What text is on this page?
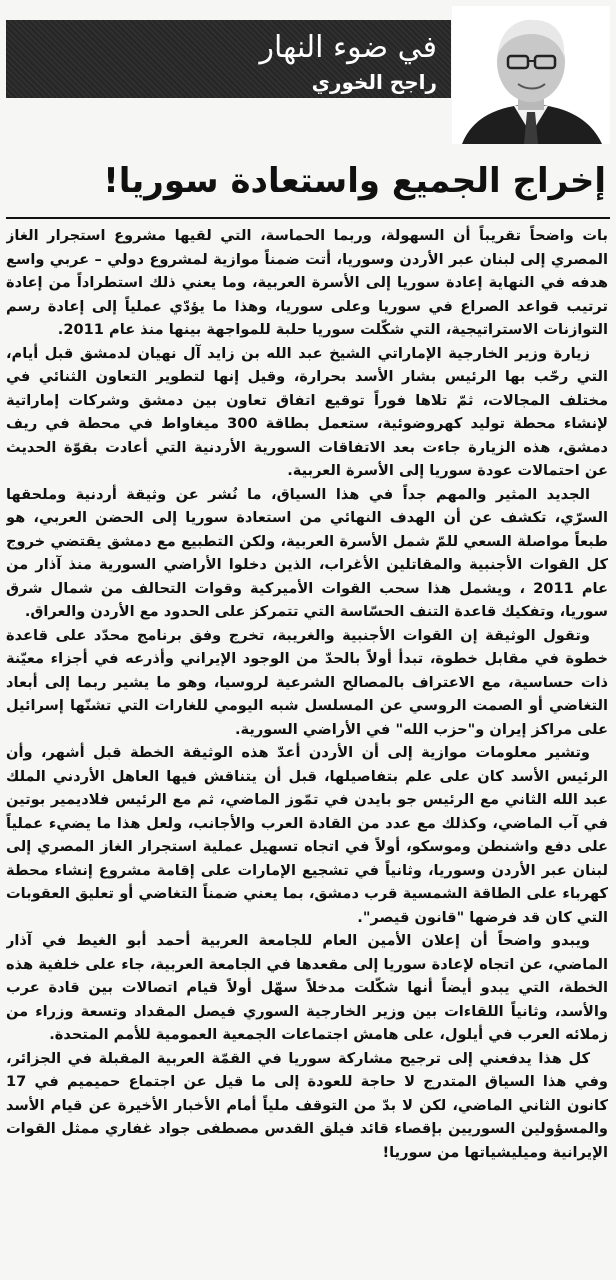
في ضوء النهار
راجح الخوري
إخراج الجميع واستعادة سوريا!

بات واضحاً تقريباً أن السهولة، وربما الحماسة، التي لقيها مشروع استجرار الغاز المصري إلى لبنان عبر الأردن وسوريا، أتت ضمناً موازية لمشروع دولي – عربي واسع هدفه في النهاية إعادة سوريا إلى الأسرة العربية، وما يعني ذلك استطراداً من إعادة ترتيب قواعد الصراع في سوريا وعلى سوريا، وهذا ما يؤدّي عملياً إلى إعادة رسم التوازنات الاستراتيجية، التي شكّلت سوريا حلبة للمواجهة بينها منذ عام 2011.

زيارة وزير الخارجية الإماراتي الشيخ عبد الله بن زايد آل نهيان لدمشق قبل أيام، التي رحّب بها الرئيس بشار الأسد بحرارة، وقيل إنها لتطوير التعاون الثنائي في مختلف المجالات، ثمّ تلاها فوراً توقيع اتفاق تعاون بين دمشق وشركات إماراتية لإنشاء محطة توليد كهروضوئية، ستعمل بطاقة 300 ميغاواط في محطة في ريف دمشق، هذه الزيارة جاءت بعد الاتفاقات السورية الأردنية التي أعادت بقوّة الحديث عن احتمالات عودة سوريا إلى الأسرة العربية.

الجديد المثير والمهم جداً في هذا السياق، ما نُشر عن وثيقة أردنية وملحقها السرّي، تكشف عن أن الهدف النهائي من استعادة سوريا إلى الحضن العربي، هو طبعاً مواصلة السعي للمّ شمل الأسرة العربية، ولكن التطبيع مع دمشق يقتضي خروج كل القوات الأجنبية والمقاتلين الأغراب، الذين دخلوا الأراضي السورية منذ آذار من عام 2011 ، ويشمل هذا سحب القوات الأميركية وقوات التحالف من شمال شرق سوريا، وتفكيك قاعدة التنف الحسّاسة التي تتمركز على الحدود مع الأردن والعراق.

وتقول الوثيقة إن القوات الأجنبية والغريبة، تخرج وفق برنامج محدّد على قاعدة خطوة في مقابل خطوة، تبدأ أولاً بالحدّ من الوجود الإيراني وأذرعه في أجزاء معيّنة ذات حساسية، مع الاعتراف بالمصالح الشرعية لروسيا، وهو ما يشير ربما إلى أبعاد التغاضي أو الصمت الروسي عن المسلسل شبه اليومي للغارات التي تشنّها إسرائيل على مراكز إيران و"حزب الله" في الأراضي السورية.

وتشير معلومات موازية إلى أن الأردن أعدّ هذه الوثيقة الخطة قبل أشهر، وأن الرئيس الأسد كان على علم بتفاصيلها، قبل أن يتناقش فيها العاهل الأردني الملك عبد الله الثاني مع الرئيس جو بايدن في تمّوز الماضي، ثم مع الرئيس فلاديمير بوتين في آب الماضي، وكذلك مع عدد من القادة العرب والأجانب، ولعل هذا ما يضيء عملياً على دفع واشنطن وموسكو، أولاً في اتجاه تسهيل عملية استجرار الغاز المصري إلى لبنان عبر الأردن وسوريا، وثانياً في تشجيع الإمارات على إقامة مشروع إنشاء محطة كهرباء على الطاقة الشمسية قرب دمشق، بما يعني ضمناً التغاضي أو تعليق العقوبات التي كان قد فرضها "قانون قيصر".

ويبدو واضحاً أن إعلان الأمين العام للجامعة العربية أحمد أبو الغيط في آذار الماضي، عن اتجاه لإعادة سوريا إلى مقعدها في الجامعة العربية، جاء على خلفية هذه الخطة، التي يبدو أيضاً أنها شكّلت مدخلاً سهّل أولاً قيام اتصالات بين قادة عرب والأسد، وثانياً اللقاءات بين وزير الخارجية السوري فيصل المقداد وتسعة وزراء من زملائه العرب في أيلول، على هامش اجتماعات الجمعية العمومية للأمم المتحدة.

كل هذا يدفعني إلى ترجيح مشاركة سوريا في القمّة العربية المقبلة في الجزائر، وفي هذا السياق المتدرج لا حاجة للعودة إلى ما قيل عن اجتماع حميميم في 17 كانون الثاني الماضي، لكن لا بدّ من التوقف ملياً أمام الأخبار الأخيرة عن قيام الأسد والمسؤولين السوريين بإقصاء قائد فيلق القدس مصطفى جواد غفاري ممثل القوات الإيرانية وميليشياتها من سوريا!
